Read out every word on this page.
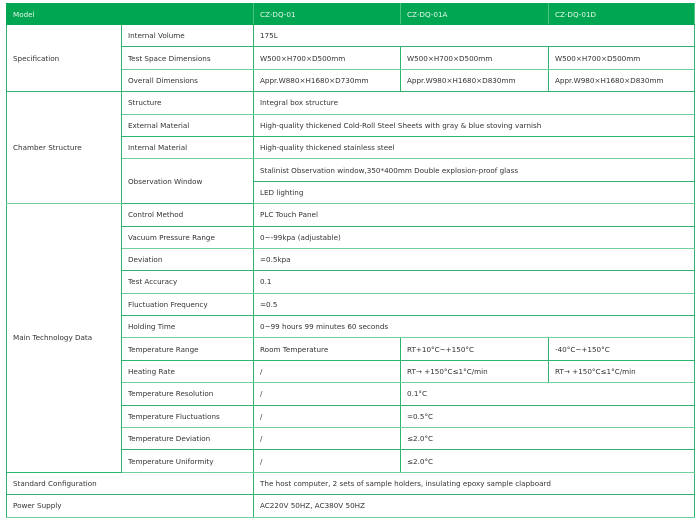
Model		CZ-DQ-01	CZ-DQ-01A	CZ-DQ-01D
Specification	Internal Volume	175L		
	Test Space Dimensions	W500×H700×D500mm	W500×H700×D500mm	W500×H700×D500mm
	Overall Dimensions	Appr.W880×H1680×D730mm	Appr.W980×H1680×D830mm	Appr.W980×H1680×D830mm
Chamber Structure	Structure	Integral box structure		
	External Material	High-quality thickened Cold-Roll Steel Sheets with gray & blue stoving varnish		
	Internal Material	High-quality thickened stainless steel		
	Observation Window	Stalinist Observation window,350*400mm Double explosion-proof glass		
		LED lighting		
Main Technology Data	Control Method	PLC Touch Panel		
	Vacuum Pressure Range	0~-99kpa (adjustable)		
	Deviation	=0.5kpa		
	Test Accuracy	0.1		
	Fluctuation Frequency	=0.5		
	Holding Time	0~99 hours 99 minutes 60 seconds		
	Temperature Range	Room Temperature	RT+10°C~+150°C	-40°C~+150°C
	Heating Rate	/	RT→ +150°C≤1°C/min	RT→ +150°C≤1°C/min
	Temperature Resolution	/	0.1°C	
	Temperature Fluctuations	/	=0.5°C	
	Temperature Deviation	/	≤2.0°C	
	Temperature Uniformity	/	≤2.0°C	
Standard Configuration		The host computer, 2 sets of sample holders, insulating epoxy sample clapboard		
Power Supply		AC220V 50HZ, AC380V 50HZ		
